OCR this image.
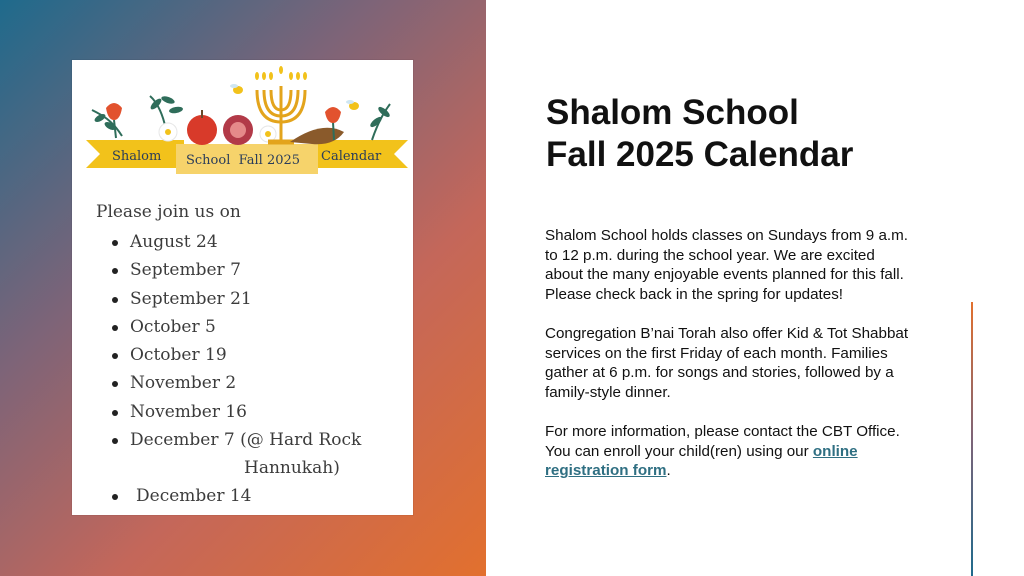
Shalom School  Fall 2025 Calendar
Please join us on
August 24
September 7
September 21
October 5
October 19
November 2
November 16
December 7 (@ Hard Rock
Hannukah)
December 14
Shalom School
Fall 2025 Calendar

Shalom School holds classes on Sundays from 9 a.m. to 12 p.m. during the school year. We are excited about the many enjoyable events planned for this fall. Please check back in the spring for updates!

Congregation B’nai Torah also offer Kid & Tot Shabbat services on the first Friday of each month. Families gather at 6 p.m. for songs and stories, followed by a family-style dinner.

For more information, please contact the CBT Office. You can enroll your child(ren) using our online registration form.
